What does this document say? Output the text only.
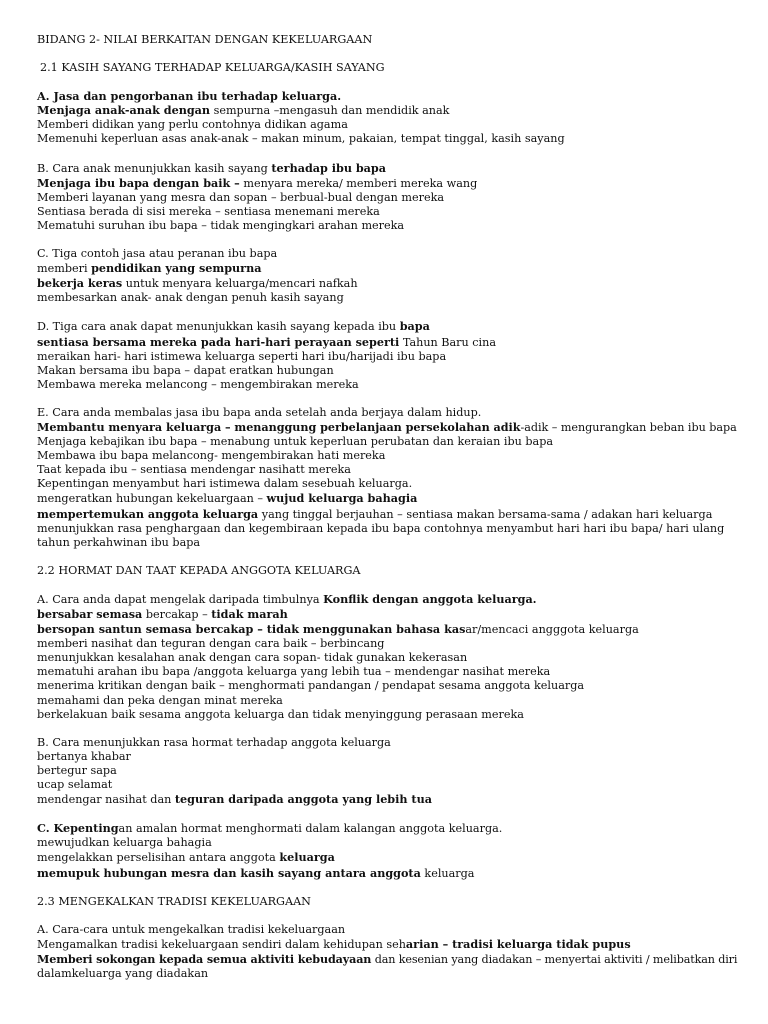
BIDANG 2- NILAI BERKAITAN DENGAN KEKELUARGAAN
2.1 KASIH SAYANG TERHADAP KELUARGA/KASIH SAYANG
A. Jasa dan pengorbanan ibu terhadap keluarga.
Menjaga anak-anak dengan sempurna –mengasuh dan mendidik anak
Memberi didikan yang perlu contohnya didikan agama
Memenuhi keperluan asas anak-anak – makan minum, pakaian, tempat tinggal, kasih sayang
B. Cara anak menunjukkan kasih sayang terhadap ibu bapa
Menjaga ibu bapa dengan baik – menyara mereka/ memberi mereka wang
Memberi layanan yang mesra dan sopan – berbual-bual dengan mereka
Sentiasa berada di sisi mereka – sentiasa menemani mereka
Mematuhi suruhan ibu bapa – tidak mengingkari arahan mereka
C. Tiga contoh jasa atau peranan ibu bapa
memberi pendidikan yang sempurna
bekerja keras untuk menyara keluarga/mencari nafkah
membesarkan anak- anak dengan penuh kasih sayang
D. Tiga cara anak dapat menunjukkan kasih sayang kepada ibu bapa
sentiasa bersama mereka pada hari-hari perayaan seperti Tahun Baru cina
meraikan hari- hari istimewa keluarga seperti hari ibu/harijadi ibu bapa
Makan bersama ibu bapa – dapat eratkan hubungan
Membawa mereka melancong – mengembirakan mereka
E. Cara anda membalas jasa ibu bapa anda setelah anda berjaya dalam hidup.
Membantu menyara keluarga – menanggung perbelanjaan persekolahan adik-adik – mengurangkan beban ibu bapa
Menjaga kebajikan ibu bapa – menabung untuk keperluan perubatan dan keraian ibu bapa
Membawa ibu bapa melancong- mengembirakan hati mereka
Taat kepada ibu – sentiasa mendengar nasihatt mereka
Kepentingan menyambut hari istimewa dalam sesebuah keluarga.
mengeratkan hubungan kekeluargaan – wujud keluarga bahagia
mempertemukan anggota keluarga yang tinggal berjauhan – sentiasa makan bersama-sama / adakan hari keluarga
menunjukkan rasa penghargaan dan kegembiraan kepada ibu bapa contohnya menyambut hari hari ibu bapa/ hari ulang
tahun perkahwinan ibu bapa
2.2 HORMAT DAN TAAT KEPADA ANGGOTA KELUARGA
A. Cara anda dapat mengelak daripada timbulnya Konflik dengan anggota keluarga.
bersabar semasa bercakap – tidak marah
bersopan santun semasa bercakap – tidak menggunakan bahasa kasar/mencaci angggota keluarga
memberi nasihat dan teguran dengan cara baik – berbincang
menunjukkan kesalahan anak dengan cara sopan- tidak gunakan kekerasan
mematuhi arahan ibu bapa /anggota keluarga yang lebih tua – mendengar nasihat mereka
menerima kritikan dengan baik – menghormati pandangan / pendapat sesama anggota keluarga
memahami dan peka dengan minat mereka
berkelakuan baik sesama anggota keluarga dan tidak menyinggung perasaan mereka
B. Cara menunjukkan rasa hormat terhadap anggota keluarga
bertanya khabar
bertegur sapa
ucap selamat
mendengar nasihat dan teguran daripada anggota yang lebih tua
C. Kepentingan amalan hormat menghormati dalam kalangan anggota keluarga.
mewujudkan keluarga bahagia
mengelakkan perselisihan antara anggota keluarga
memupuk hubungan mesra dan kasih sayang antara anggota keluarga
2.3 MENGEKALKAN TRADISI KEKELUARGAAN
A. Cara-cara untuk mengekalkan tradisi kekeluargaan
Mengamalkan tradisi kekeluargaan sendiri dalam kehidupan seharian – tradisi keluarga tidak pupus
Memberi sokongan kepada semua aktiviti kebudayaan dan kesenian yang diadakan – menyertai aktiviti / melibatkan diri
dalamkeluarga yang diadakan
